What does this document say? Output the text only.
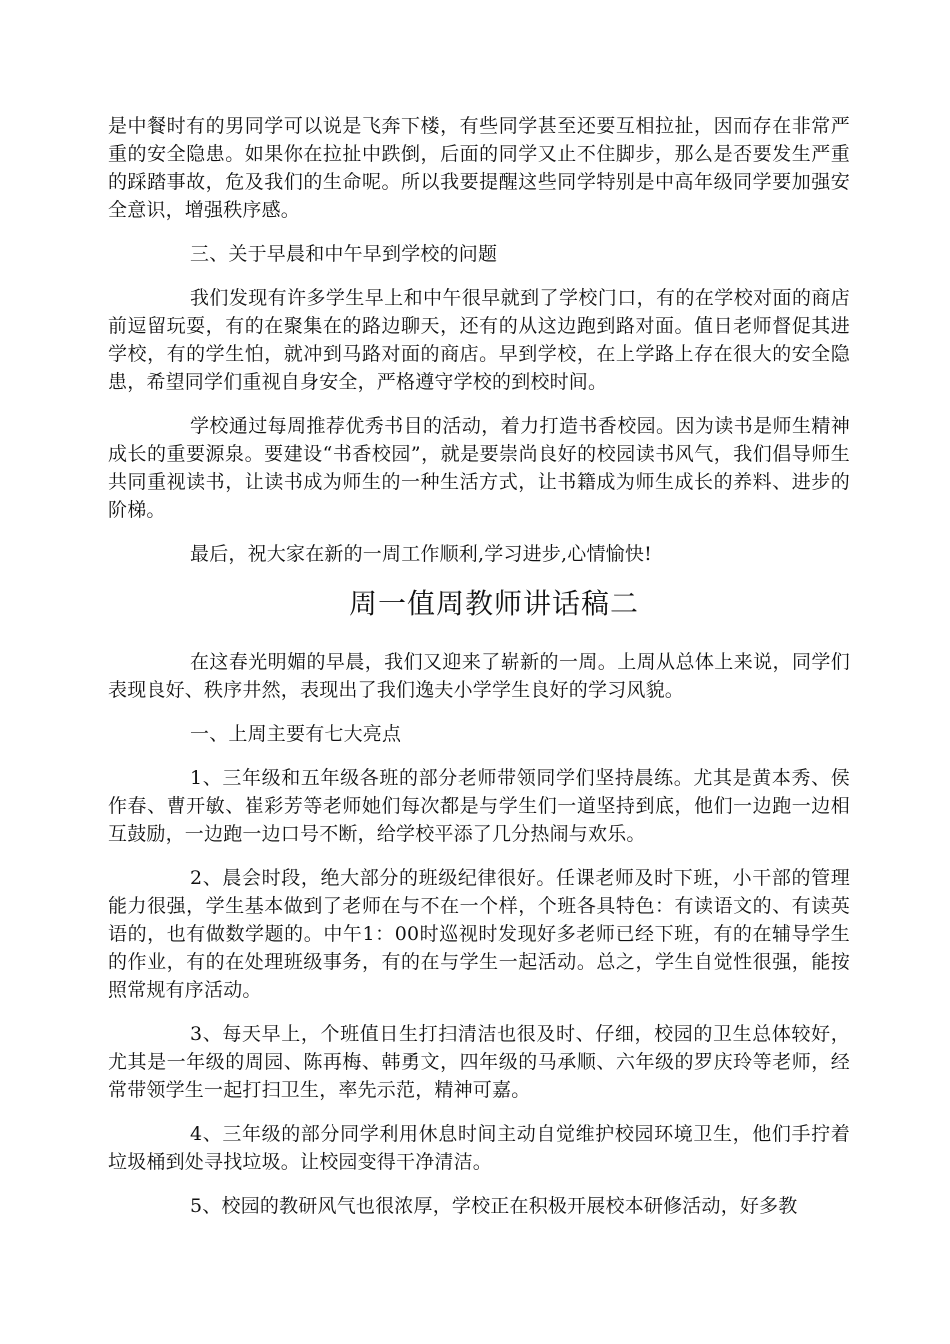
是中餐时有的男同学可以说是飞奔下楼，有些同学甚至还要互相拉扯，因而存在非常严重的安全隐患。如果你在拉扯中跌倒，后面的同学又止不住脚步，那么是否要发生严重的踩踏事故，危及我们的生命呢。所以我要提醒这些同学特别是中高年级同学要加强安全意识，增强秩序感。

三、关于早晨和中午早到学校的问题

我们发现有许多学生早上和中午很早就到了学校门口，有的在学校对面的商店前逗留玩耍，有的在聚集在的路边聊天，还有的从这边跑到路对面。值日老师督促其进学校，有的学生怕，就冲到马路对面的商店。早到学校，在上学路上存在很大的安全隐患，希望同学们重视自身安全，严格遵守学校的到校时间。

学校通过每周推荐优秀书目的活动，着力打造书香校园。因为读书是师生精神成长的重要源泉。要建设“书香校园”，就是要崇尚良好的校园读书风气，我们倡导师生共同重视读书，让读书成为师生的一种生活方式，让书籍成为师生成长的养料、进步的阶梯。

最后，祝大家在新的一周工作顺利,学习进步,心情愉快!

周一值周教师讲话稿二

在这春光明媚的早晨，我们又迎来了崭新的一周。上周从总体上来说，同学们表现良好、秩序井然，表现出了我们逸夫小学学生良好的学习风貌。

一、上周主要有七大亮点

1、三年级和五年级各班的部分老师带领同学们坚持晨练。尤其是黄本秀、侯作春、曹开敏、崔彩芳等老师她们每次都是与学生们一道坚持到底，他们一边跑一边相互鼓励，一边跑一边口号不断，给学校平添了几分热闹与欢乐。

2、晨会时段，绝大部分的班级纪律很好。任课老师及时下班，小干部的管理能力很强，学生基本做到了老师在与不在一个样，个班各具特色：有读语文的、有读英语的，也有做数学题的。中午1：00时巡视时发现好多老师已经下班，有的在辅导学生的作业，有的在处理班级事务，有的在与学生一起活动。总之，学生自觉性很强，能按照常规有序活动。

3、每天早上，个班值日生打扫清洁也很及时、仔细，校园的卫生总体较好，尤其是一年级的周园、陈再梅、韩勇文，四年级的马承顺、六年级的罗庆玲等老师，经常带领学生一起打扫卫生，率先示范，精神可嘉。

4、三年级的部分同学利用休息时间主动自觉维护校园环境卫生，他们手拧着垃圾桶到处寻找垃圾。让校园变得干净清洁。

5、校园的教研风气也很浓厚，学校正在积极开展校本研修活动，好多教
